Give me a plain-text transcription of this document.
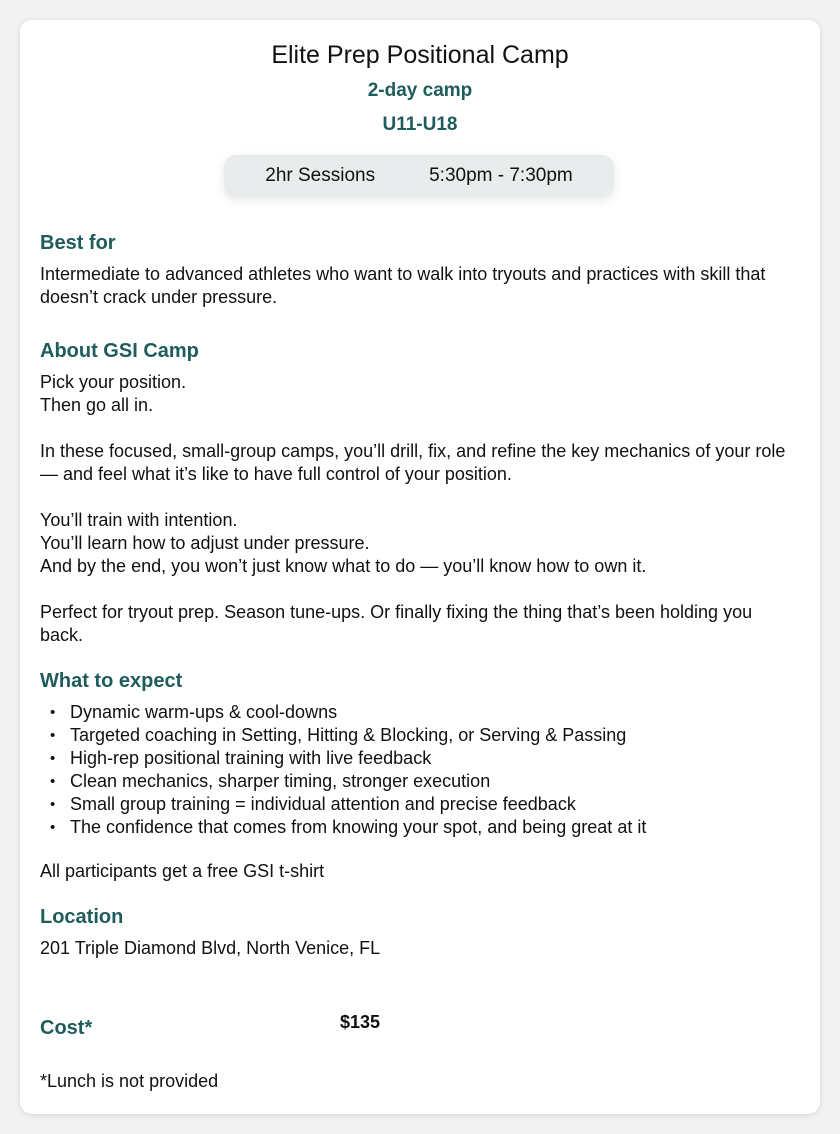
Elite Prep Positional Camp
2-day camp
U11-U18
2hr Sessions	5:30pm - 7:30pm
Best for

Intermediate to advanced athletes who want to walk into tryouts and practices with skill that doesn’t crack under pressure.

About GSI Camp

Pick your position.

Then go all in.

In these focused, small-group camps, you’ll drill, fix, and refine the key mechanics of your role — and feel what it’s like to have full control of your position.

You’ll train with intention.

You’ll learn how to adjust under pressure.

And by the end, you won’t just know what to do — you’ll know how to own it.

Perfect for tryout prep. Season tune-ups. Or finally fixing the thing that’s been holding you back.

What to expect
• Dynamic warm-ups & cool-downs
• Targeted coaching in Setting, Hitting & Blocking, or Serving & Passing
• High-rep positional training with live feedback
• Clean mechanics, sharper timing, stronger execution
• Small group training = individual attention and precise feedback
• The confidence that comes from knowing your spot, and being great at it

All participants get a free GSI t-shirt

Location

201 Triple Diamond Blvd, North Venice, FL

Cost*	$135
*Lunch is not provided
